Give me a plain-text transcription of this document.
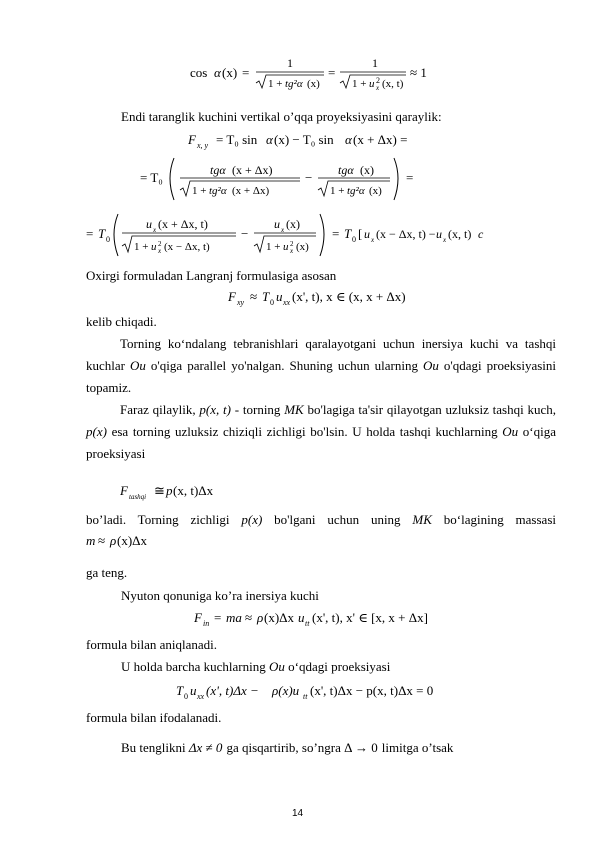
cos α (x) =
1
1 + tg²α (x)
=
1
1 + u 2
x (x, t)
≈ 1
Endi taranglik kuchini vertikal o’qqa proyeksiyasini qaraylik:
F x, y = T₀ sin α (x) − T₀ sin α (x + Δx) =
= T₀	tgα (x + Δx)
1 + tg²α (x + Δx)
− tgα (x)
1 + tg²α (x)
=
= T 0
u x (x + Δx, t)
1 + u 2
x (x − Δx, t)
−
u x (x)
1 + u 2
x (x)
= T 0 [ u x (x − Δx, t) − u x (x, t) c
Oxirgi formuladan Langranj formulasiga asosan
F xy ≈ T 0 u xx (x', t), x ∈ (x, x + Δx)
kelib chiqadi.
Torning ko‘ndalang tebranishlari qaralayotgani uchun inersiya kuchi va tashqi kuchlar Ou o'qiga parallel yo'nalgan. Shuning uchun ularning Ou o'qdagi proeksiyasini topamiz.
Faraz qilaylik, p(x, t) - torning MK bo'lagiga ta'sir qilayotgan uzluksiz tashqi kuch, p(x) esa torning uzluksiz chiziqli zichligi bo'lsin. U holda tashqi kuchlarning Ou o‘qiga proeksiyasi
F tashqi ≅ p (x, t)Δx
bo’ladi. Torning zichligi p(x) bo'lgani uchun uning MK bo‘lagining massasi
m ≈ ρ (x)Δx
ga teng.
Nyuton qonuniga ko’ra inersiya kuchi
F in = ma ≈ ρ (x)Δx u tt (x', t), x' ∈ [x, x + Δx]
formula bilan aniqlanadi.
U holda barcha kuchlarning Ou o‘qdagi proeksiyasi
T 0 u xx (x', t)Δx − ρ(x)u tt (x', t)Δx − p(x, t)Δx = 0
formula bilan ifodalanadi.
Bu tenglikni Δx ≠ 0 ga qisqartirib, so’ngra Δ → 0 limitga o’tsak
14
